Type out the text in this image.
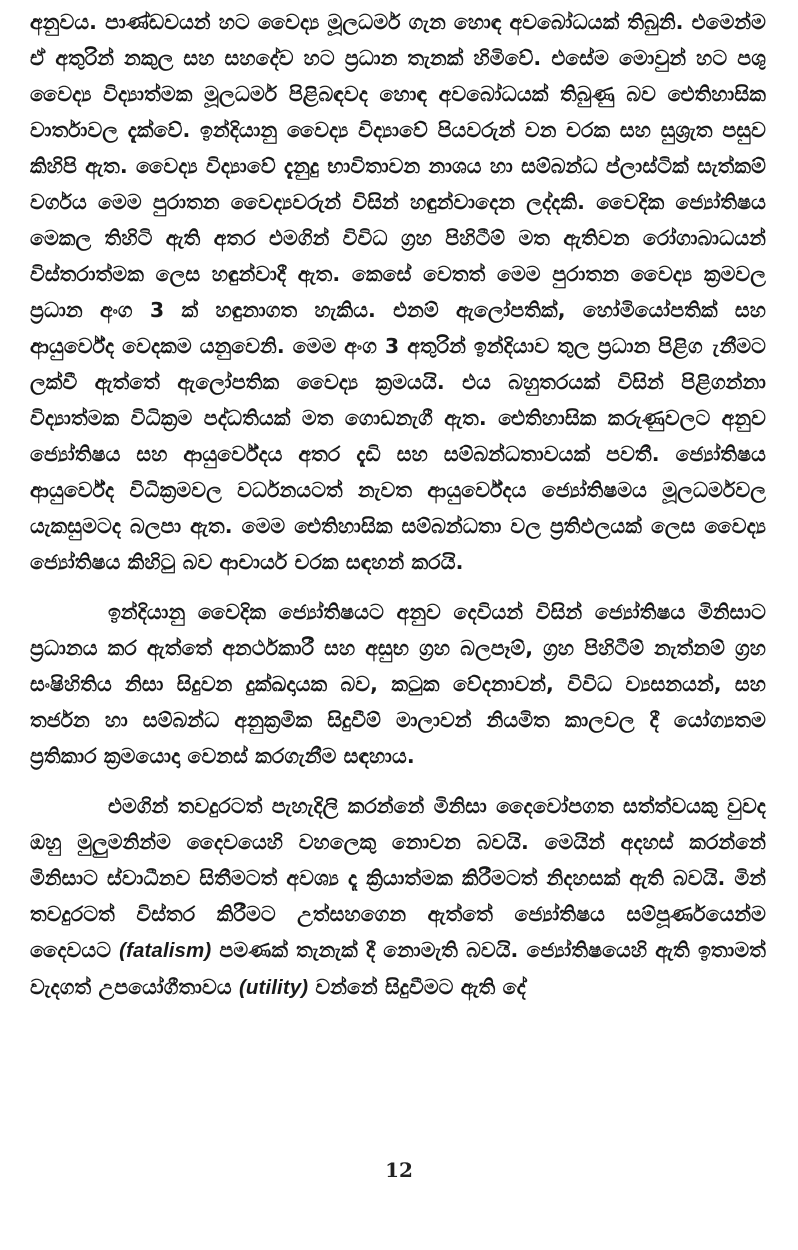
අනුවය. පාණ්ඩවයන් හට වෛද්‍ය මූලධර්ම ගැන හොඳ අවබෝධයක් තිබුනි. එමෙන්ම ඒ අතුරින් නකුල සහ සහදේව හට ප්‍රධාන තැනක් හිමිවේ. එසේම මොවුන් හට පශු වෛද්‍ය විද්‍යාත්මක මූලධර්ම පිළිබඳවද හොඳ අවබෝධයක් තිබුණු බව ඓතිහාසික වාර්තාවල දැක්වේ. ඉන්දියානු වෛද්‍ය විද්‍යාවේ පියවරුන් වන චරක සහ සුශ්‍රැත පසුව කිහිපි ඇත. වෛද්‍ය විද්‍යාවේ දැනුදු භාවිතාවන නාශය හා සම්බන්ධ ප්ලාස්ටික් සැත්කම් වර්ගය මෙම පුරාතන වෛද්‍යවරුන් විසින් හඳුන්වාදෙන ලද්දකි. වෛදික ජ්‍යෝතිෂය මෙකල තිහිටි ඇති අතර එමගින් විවිධ ග්‍රහ පිහිටීම් මත ඇතිවන රෝගාබාධයන් විස්තරාත්මක ලෙස හඳුන්වාදී ඇත. කෙසේ වෙතත් මෙම පුරාතන වෛද්‍ය ක්‍රමවල ප්‍රධාන අංග 3 ක් හඳුනාගත හැකිය. එනම් ඇලෝපතික්, හෝමියෝපතික් සහ ආයුර්වේද වෙදකම යනුවෙනි. මෙම අංග 3 අතුරින් ඉන්දියාව තුල ප්‍රධාන පිළිග ැනීමට ලක්වී ඇත්තේ ඇලෝපතික වෛද්‍ය ක්‍රමයයි. එය බහුතරයක් විසින් පිළිගන්නා විද්‍යාත්මක විධික්‍රම පද්ධතියක් මත ගොඩනැගී ඇත. ඓතිහාසික කරුණුවලට අනුව ජ්‍යෝතිෂය සහ ආයුර්වේදය අතර දැඩි සහ සම්බන්ධතාවයක් පවතී. ජ්‍යෝතිෂය ආයුර්වේද විධික්‍රමවල වර්ධනයටත් නැවත ආයුර්වේදය ජ්‍යෝතිෂමය මූලධර්මවල යැකසුමටද බලපා ඇත. මෙම ඓතිහාසික සම්බන්ධතා වල ප්‍රතිඵලයක් ලෙස වෛද්‍ය ජ්‍යෝතිෂය කිහිටු බව ආචාර්ය චරක සඳහන් කරයි.

ඉන්දියානු වෛදික ජ්‍යෝතිෂයට අනුව දෙවියන් විසින් ජ්‍යෝතිෂය මිනිසාට ප්‍රධානය කර ඇත්තේ අනර්ථකාරී සහ අසුභ ග්‍රහ බලපෑම්, ග්‍රහ පිහිටීම් නැත්නම් ග්‍රහ සංෂිහිතිය නිසා සිදුවන දුක්ඛදායක බව, කටුක වේදනාවන්, විවිධ ව්‍යසනයන්, සහ තර්ජන හා සම්බන්ධ අනුක්‍රමික සිදුවීම් මාලාවන් නියමිත කාලවල දී යෝග්‍යතම ප්‍රතිකාර ක්‍රමයොදා වෙනස් කරගැනීම සඳහාය.

එමගින් තවදුරටත් පැහැදිලි කරන්නේ මිනිසා දෛවෝපගත සත්ත්වයකු වුවද ඔහු මුලුමනින්ම දෛවයෙහි වහලෙකු නොවන බවයි. මෙයින් අදහස් කරන්නේ මිනිසාට ස්වාධීනව සිතීමටත් අවශ්‍ය දෑ ක්‍රියාත්මක කිරීමටත් නිදහසක් ඇති බවයි. මින් තවදුරටත් විස්තර කිරීමට උත්සහගෙන ඇත්තේ ජ්‍යෝතිෂය සම්පූර්ණයෙන්ම දෛවයට (fatalism) පමණක් තැනැක් දී නොමැති බවයි. ජ්‍යෝතිෂයෙහි ඇති ඉතාමත් වැදගත් උපයෝගීතාවය (utility) වන්නේ සිදුවීමට ඇති දේ

12
